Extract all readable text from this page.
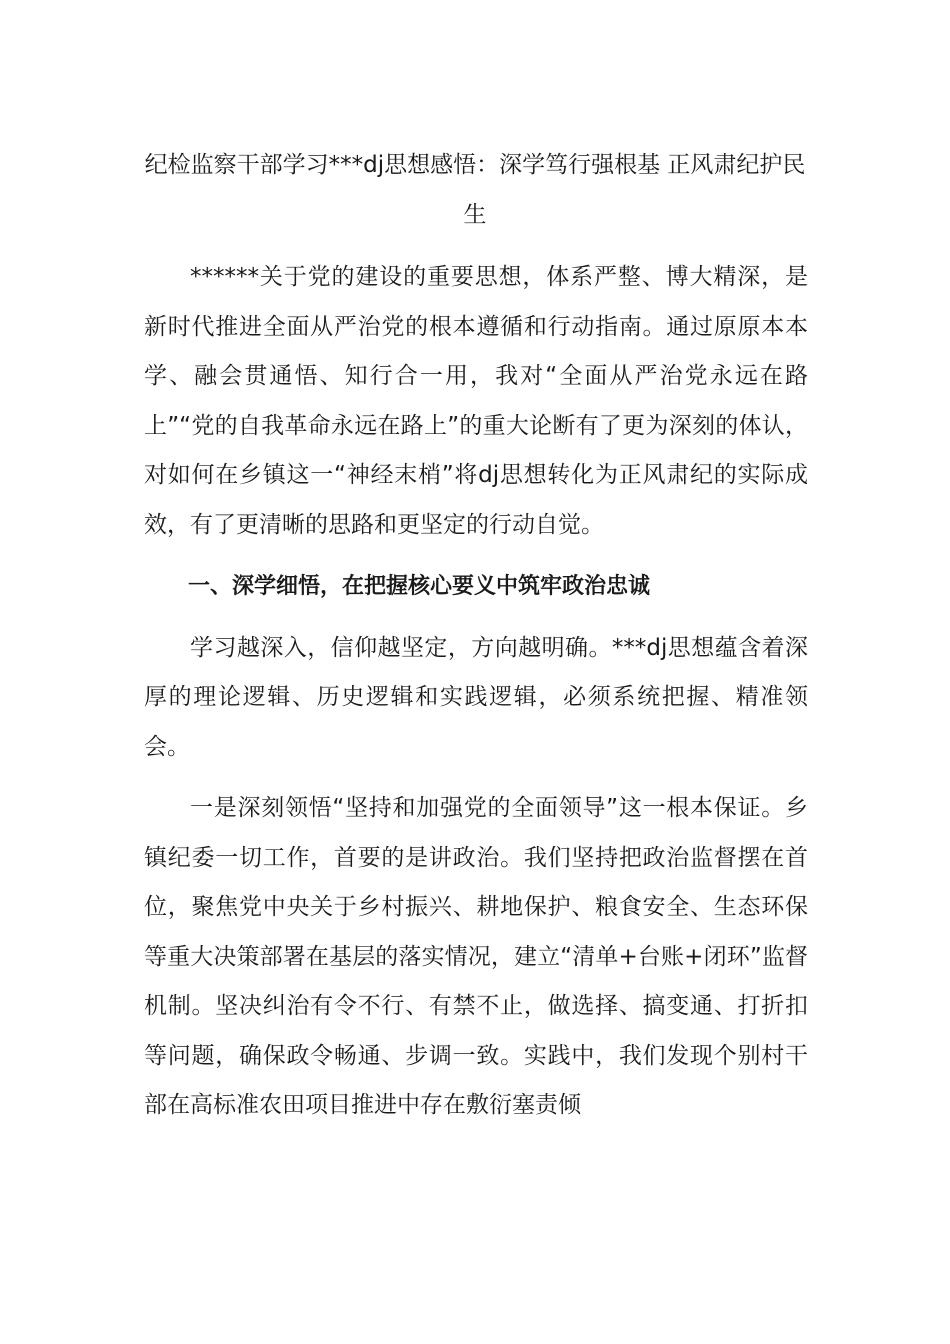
纪检监察干部学习***dj思想感悟：深学笃行强根基 正风肃纪护民生

******关于党的建设的重要思想，体系严整、博大精深，是新时代推进全面从严治党的根本遵循和行动指南。通过原原本本学、融会贯通悟、知行合一用，我对“全面从严治党永远在路上”“党的自我革命永远在路上”的重大论断有了更为深刻的体认，对如何在乡镇这一“神经末梢”将dj思想转化为正风肃纪的实际成效，有了更清晰的思路和更坚定的行动自觉。

一、深学细悟，在把握核心要义中筑牢政治忠诚

学习越深入，信仰越坚定，方向越明确。***dj思想蕴含着深厚的理论逻辑、历史逻辑和实践逻辑，必须系统把握、精准领会。

一是深刻领悟“坚持和加强党的全面领导”这一根本保证。乡镇纪委一切工作，首要的是讲政治。我们坚持把政治监督摆在首位，聚焦党中央关于乡村振兴、耕地保护、粮食安全、生态环保等重大决策部署在基层的落实情况，建立“清单+台账+闭环”监督机制。坚决纠治有令不行、有禁不止，做选择、搞变通、打折扣等问题，确保政令畅通、步调一致。实践中，我们发现个别村干部在高标准农田项目推进中存在敷衍塞责倾
